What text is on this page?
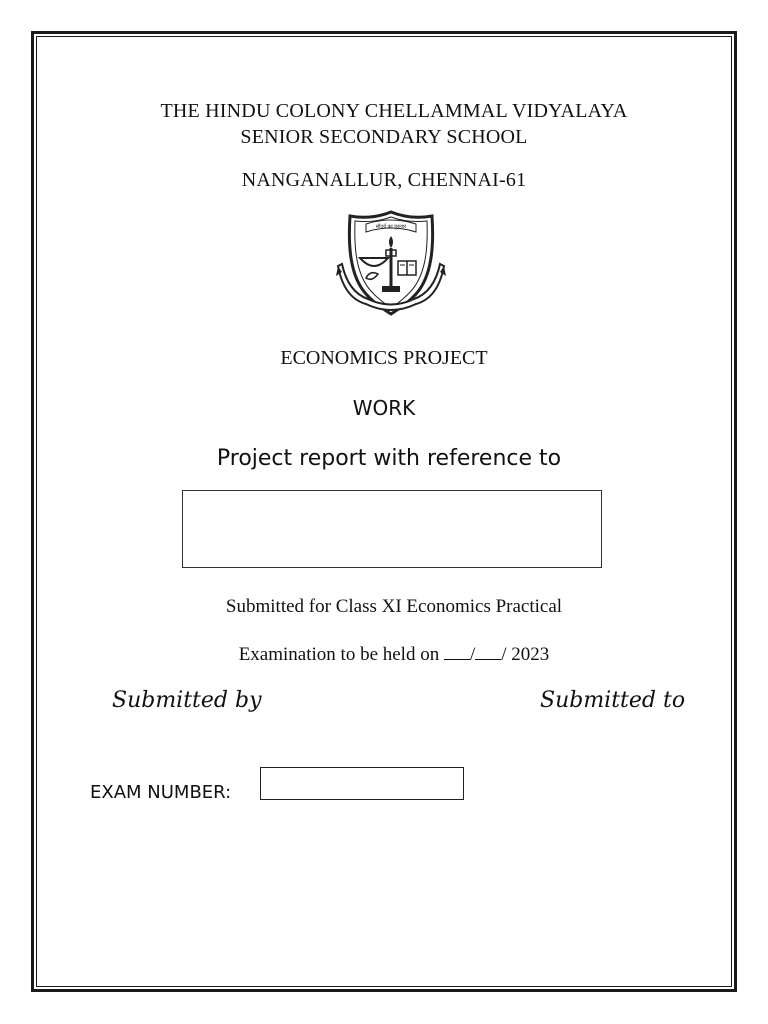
THE HINDU COLONY CHELLAMMAL VIDYALAYA
SENIOR SECONDARY SCHOOL
NANGANALLUR, CHENNAI-61
सौंदर्य का गुरुवार
ECONOMICS PROJECT
WORK
Project report with reference to
Submitted for Class XI Economics Practical
Examination to be held on / / 2023
Submitted by	Submitted to
EXAM NUMBER:
